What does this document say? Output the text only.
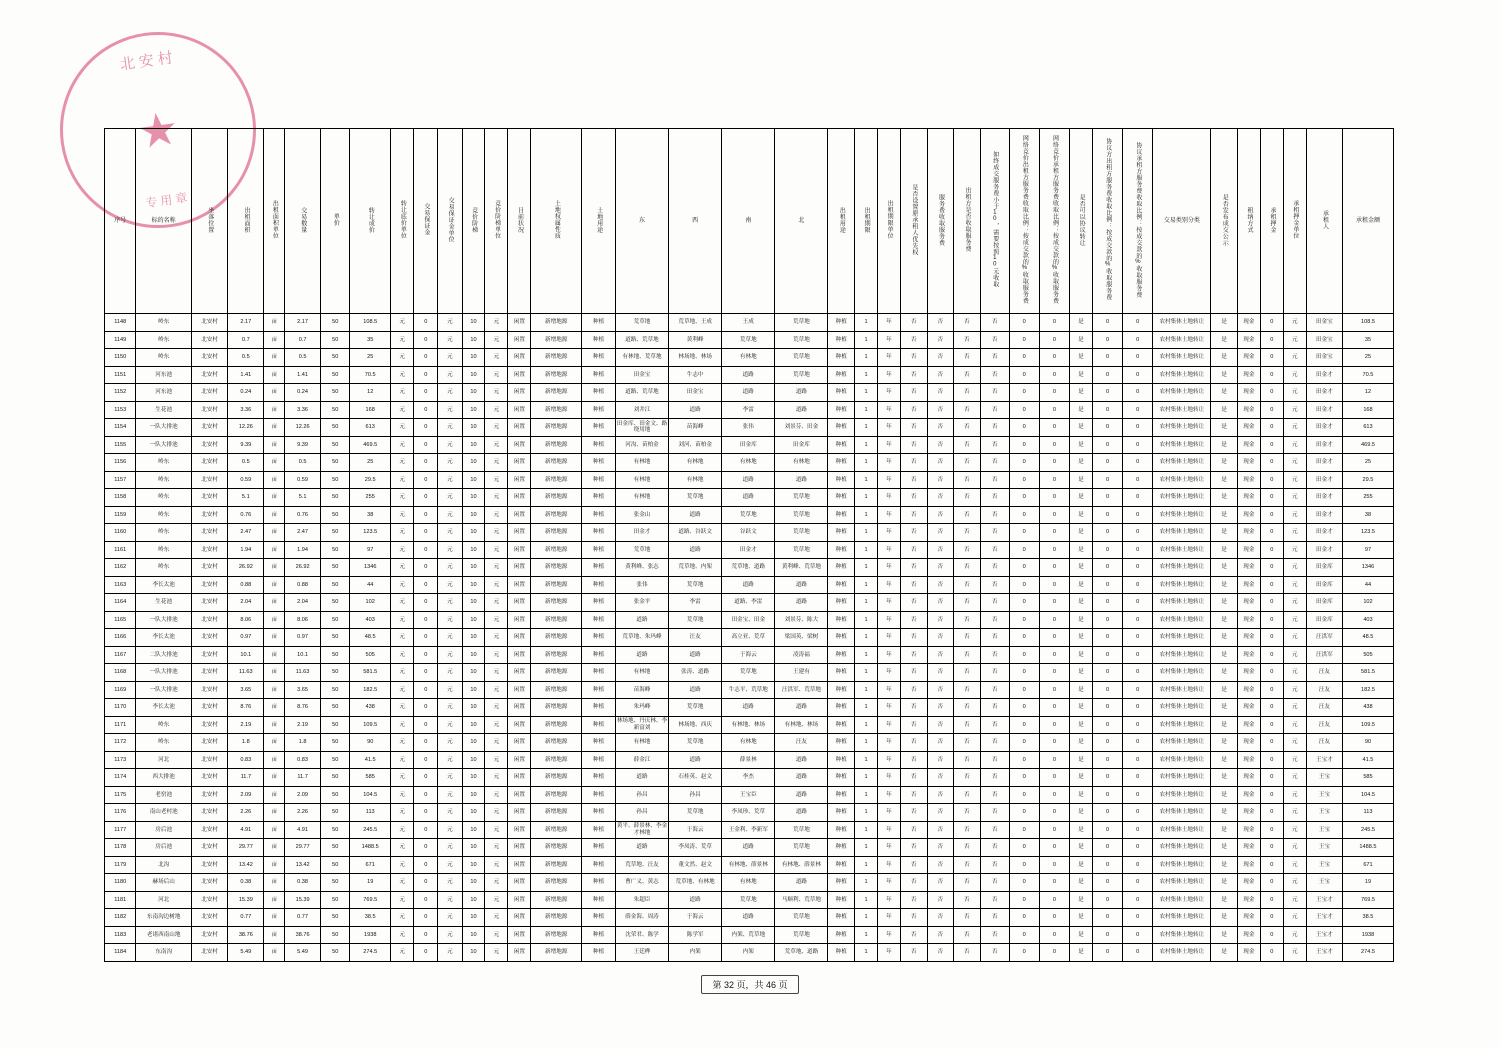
北安村
★
专用章
序号	标的名称	坐落位置	出租面积	出租面积单位	交易数量	单价	转让成价	转让底价单位	交易保证金	交易保证金单位	竞价阶梯	竞价阶梯单位	目前状况	土地权属性质	土地用途	东	西	南	北	出租用途	出租期限	出租期限单位	是否设置原承租人优先权	服务费收取服务费	出租方是否收取服务费	如终成交服务费小于10，需要按照10元收取	网络竞价出租方服务费收取比例：按成交款的%收取服务费	网络竞价承租方服务费收取比例：按成交款的%收取服务费	是否可以协议转让	协议方出租方服务费收取比例：按成交款的%收取服务费	协议承租方服务费收取比例：按成交款的%收取服务费	交易类别分类	是否发布成交公示	租纳方式	承租押金	承租押金单位	承租人	承租金额

1148	岭东	北安村	2.17	亩	2.17	50	108.5	元	0	元	10	元	闲置	新增地源	种植	荒草地	荒草地、王成	王成	荒草地	种植	1	年	否	否	否	否	0	0	是	0	0	农村集体土地转让	是	现金	0	元	田金宝	108.5
1149	岭东	北安村	0.7	亩	0.7	50	35	元	0	元	10	元	闲置	新增地源	种植	道路、荒草地	黄利峰	荒草地	荒草地	种植	1	年	否	否	否	否	0	0	是	0	0	农村集体土地转让	是	现金	0	元	田金宝	35
1150	岭东	北安村	0.5	亩	0.5	50	25	元	0	元	10	元	闲置	新增地源	种植	有林地、荒草地	林场地、林场	有林地	荒草地	种植	1	年	否	否	否	否	0	0	是	0	0	农村集体土地转让	是	现金	0	元	田金宝	25
1151	河东池	北安村	1.41	亩	1.41	50	70.5	元	0	元	10	元	闲置	新增地源	种植	田金宝	牛志中	道路	荒草地	种植	1	年	否	否	否	否	0	0	是	0	0	农村集体土地转让	是	现金	0	元	田金才	70.5
1152	河东池	北安村	0.24	亩	0.24	50	12	元	0	元	10	元	闲置	新增地源	种植	道路、荒草地	田金宝	道路	道路	种植	1	年	否	否	否	否	0	0	是	0	0	农村集体土地转让	是	现金	0	元	田金才	12
1153	生花池	北安村	3.36	亩	3.36	50	168	元	0	元	10	元	闲置	新增地源	种植	刘井江	道路	李雷	道路	种植	1	年	否	否	否	否	0	0	是	0	0	农村集体土地转让	是	现金	0	元	田金才	168
1154	一队大排池	北安村	12.26	亩	12.26	50	613	元	0	元	10	元	闲置	新增地源	种植	田金库、田金文、路绕用地	苗海峰	张伟	刘景芬、田金	种植	1	年	否	否	否	否	0	0	是	0	0	农村集体土地转让	是	现金	0	元	田金才	613
1155	一队大排池	北安村	9.39	亩	9.39	50	469.5	元	0	元	10	元	闲置	新增地源	种植	河沟、苗柏金	刘河、苗柏金	田金库	田金库	种植	1	年	否	否	否	否	0	0	是	0	0	农村集体土地转让	是	现金	0	元	田金才	469.5
1156	岭东	北安村	0.5	亩	0.5	50	25	元	0	元	10	元	闲置	新增地源	种植	有林地	有林地	有林地	有林地	种植	1	年	否	否	否	否	0	0	是	0	0	农村集体土地转让	是	现金	0	元	田金才	25
1157	岭东	北安村	0.59	亩	0.59	50	29.5	元	0	元	10	元	闲置	新增地源	种植	有林地	有林地	道路	道路	种植	1	年	否	否	否	否	0	0	是	0	0	农村集体土地转让	是	现金	0	元	田金才	29.5
1158	岭东	北安村	5.1	亩	5.1	50	255	元	0	元	10	元	闲置	新增地源	种植	有林地	荒草地	道路	荒草地	种植	1	年	否	否	否	否	0	0	是	0	0	农村集体土地转让	是	现金	0	元	田金才	255
1159	岭东	北安村	0.76	亩	0.76	50	38	元	0	元	10	元	闲置	新增地源	种植	张金山	道路	荒草地	荒草地	种植	1	年	否	否	否	否	0	0	是	0	0	农村集体土地转让	是	现金	0	元	田金才	38
1160	岭东	北安村	2.47	亩	2.47	50	123.5	元	0	元	10	元	闲置	新增地源	种植	田金才	道路、谷跃文	谷跃文	荒草地	种植	1	年	否	否	否	否	0	0	是	0	0	农村集体土地转让	是	现金	0	元	田金才	123.5
1161	岭东	北安村	1.94	亩	1.94	50	97	元	0	元	10	元	闲置	新增地源	种植	荒草地	道路	田金才	荒草地	种植	1	年	否	否	否	否	0	0	是	0	0	农村集体土地转让	是	现金	0	元	田金才	97
1162	岭东	北安村	26.92	亩	26.92	50	1346	元	0	元	10	元	闲置	新增地源	种植	黄利峰、张志	荒草地、内架	荒草地、道路	黄利峰、荒草地	种植	1	年	否	否	否	否	0	0	是	0	0	农村集体土地转让	是	现金	0	元	田金库	1346
1163	李长太池	北安村	0.88	亩	0.88	50	44	元	0	元	10	元	闲置	新增地源	种植	张伟	荒草地	道路	道路	种植	1	年	否	否	否	否	0	0	是	0	0	农村集体土地转让	是	现金	0	元	田金库	44
1164	生花池	北安村	2.04	亩	2.04	50	102	元	0	元	10	元	闲置	新增地源	种植	张金平	李雷	道路、李雷	道路	种植	1	年	否	否	否	否	0	0	是	0	0	农村集体土地转让	是	现金	0	元	田金库	102
1165	一队大排池	北安村	8.06	亩	8.06	50	403	元	0	元	10	元	闲置	新增地源	种植	道路	荒草地	田金宝、田金	刘景芬、陈大	种植	1	年	否	否	否	否	0	0	是	0	0	农村集体土地转让	是	现金	0	元	田金库	403
1166	李长太池	北安村	0.97	亩	0.97	50	48.5	元	0	元	10	元	闲置	新增地源	种植	荒草地、朱玛峰	汪友	高立亚、荒草	梁国英、梁树	种植	1	年	否	否	否	否	0	0	是	0	0	农村集体土地转让	是	现金	0	元	汪洪军	48.5
1167	二队大排池	北安村	10.1	亩	10.1	50	505	元	0	元	10	元	闲置	新增地源	种植	道路	道路	于海云	凌涛福	种植	1	年	否	否	否	否	0	0	是	0	0	农村集体土地转让	是	现金	0	元	汪洪军	505
1168	一队大排池	北安村	11.63	亩	11.63	50	581.5	元	0	元	10	元	闲置	新增地源	种植	有林地	张涛、道路	荒草地	王建有	种植	1	年	否	否	否	否	0	0	是	0	0	农村集体土地转让	是	现金	0	元	汪友	581.5
1169	一队大排池	北安村	3.65	亩	3.65	50	182.5	元	0	元	10	元	闲置	新增地源	种植	苗海峰	道路	牛志平、荒草地	汪洪军、荒草地	种植	1	年	否	否	否	否	0	0	是	0	0	农村集体土地转让	是	现金	0	元	汪友	182.5
1170	李长太池	北安村	8.76	亩	8.76	50	438	元	0	元	10	元	闲置	新增地源	种植	朱玛峰	荒草地	道路	道路	种植	1	年	否	否	否	否	0	0	是	0	0	农村集体土地转让	是	现金	0	元	汪友	438
1171	岭东	北安村	2.19	亩	2.19	50	109.5	元	0	元	10	元	闲置	新增地源	种植	林场地、丹庆林、李新富刘	林场地、西庆	有林地、林场	有林地、林场	种植	1	年	否	否	否	否	0	0	是	0	0	农村集体土地转让	是	现金	0	元	汪友	109.5
1172	岭东	北安村	1.8	亩	1.8	50	90	元	0	元	10	元	闲置	新增地源	种植	有林地	荒草地	有林地	汪友	种植	1	年	否	否	否	否	0	0	是	0	0	农村集体土地转让	是	现金	0	元	汪友	90
1173	河北	北安村	0.83	亩	0.83	50	41.5	元	0	元	10	元	闲置	新增地源	种植	薛金江	道路	薛景林	道路	种植	1	年	否	否	否	否	0	0	是	0	0	农村集体土地转让	是	现金	0	元	王宝才	41.5
1174	西大排池	北安村	11.7	亩	11.7	50	585	元	0	元	10	元	闲置	新增地源	种植	道路	石桂英、赵文	李杰	道路	种植	1	年	否	否	否	否	0	0	是	0	0	农村集体土地转让	是	现金	0	元	王宝	585
1175	老窑池	北安村	2.09	亩	2.09	50	104.5	元	0	元	10	元	闲置	新增地源	种植	孙昌	孙昌	王宝臣	道路	种植	1	年	否	否	否	否	0	0	是	0	0	农村集体土地转让	是	现金	0	元	王宝	104.5
1176	南山老村池	北安村	2.26	亩	2.26	50	113	元	0	元	10	元	闲置	新增地源	种植	孙昌	荒草地	李凤珍、荒草	道路	种植	1	年	否	否	否	否	0	0	是	0	0	农村集体土地转让	是	现金	0	元	王宝	113
1177	房后池	北安村	4.91	亩	4.91	50	245.5	元	0	元	10	元	闲置	新增地源	种植	黄平、薛景林、李金才林地	于海云	王金利、李新军	荒草地	种植	1	年	否	否	否	否	0	0	是	0	0	农村集体土地转让	是	现金	0	元	王宝	245.5
1178	房后池	北安村	29.77	亩	29.77	50	1488.5	元	0	元	10	元	闲置	新增地源	种植	道路	李凤涛、荒草	道路	荒草地	种植	1	年	否	否	否	否	0	0	是	0	0	农村集体土地转让	是	现金	0	元	王宝	1488.5
1179	北沟	北安村	13.42	亩	13.42	50	671	元	0	元	10	元	闲置	新增地源	种植	荒草地、汪友	董文然、赵文	有林地、薛景林	有林地、薛景林	种植	1	年	否	否	否	否	0	0	是	0	0	农村集体土地转让	是	现金	0	元	王宝	671
1180	赫场后山	北安村	0.38	亩	0.38	50	19	元	0	元	10	元	闲置	新增地源	种植	曹广义、黄志	荒草地、有林地	有林地	道路	种植	1	年	否	否	否	否	0	0	是	0	0	农村集体土地转让	是	现金	0	元	王宝	19
1181	河北	北安村	15.39	亩	15.39	50	769.5	元	0	元	10	元	闲置	新增地源	种植	朱超臣	道路	荒草地	马顺利、荒草地	种植	1	年	否	否	否	否	0	0	是	0	0	农村集体土地转让	是	现金	0	元	王宝才	769.5
1182	东南沟边树地	北安村	0.77	亩	0.77	50	38.5	元	0	元	10	元	闲置	新增地源	种植	薛金海、周涛	于海云	道路	荒草地	种植	1	年	否	否	否	否	0	0	是	0	0	农村集体土地转让	是	现金	0	元	王宝才	38.5
1183	老诸西南山地	北安村	38.76	亩	38.76	50	1938	元	0	元	10	元	闲置	新增地源	种植	沈荣君、陈学	陈学军	内架、荒草地	荒草地	种植	1	年	否	否	否	否	0	0	是	0	0	农村集体土地转让	是	现金	0	元	王宝才	1938
1184	东南沟	北安村	5.49	亩	5.49	50	274.5	元	0	元	10	元	闲置	新增地源	种植	王廷桦	内架	内架	荒草地、道路	种植	1	年	否	否	否	否	0	0	是	0	0	农村集体土地转让	是	现金	0	元	王宝才	274.5
第 32 页，共 46 页
